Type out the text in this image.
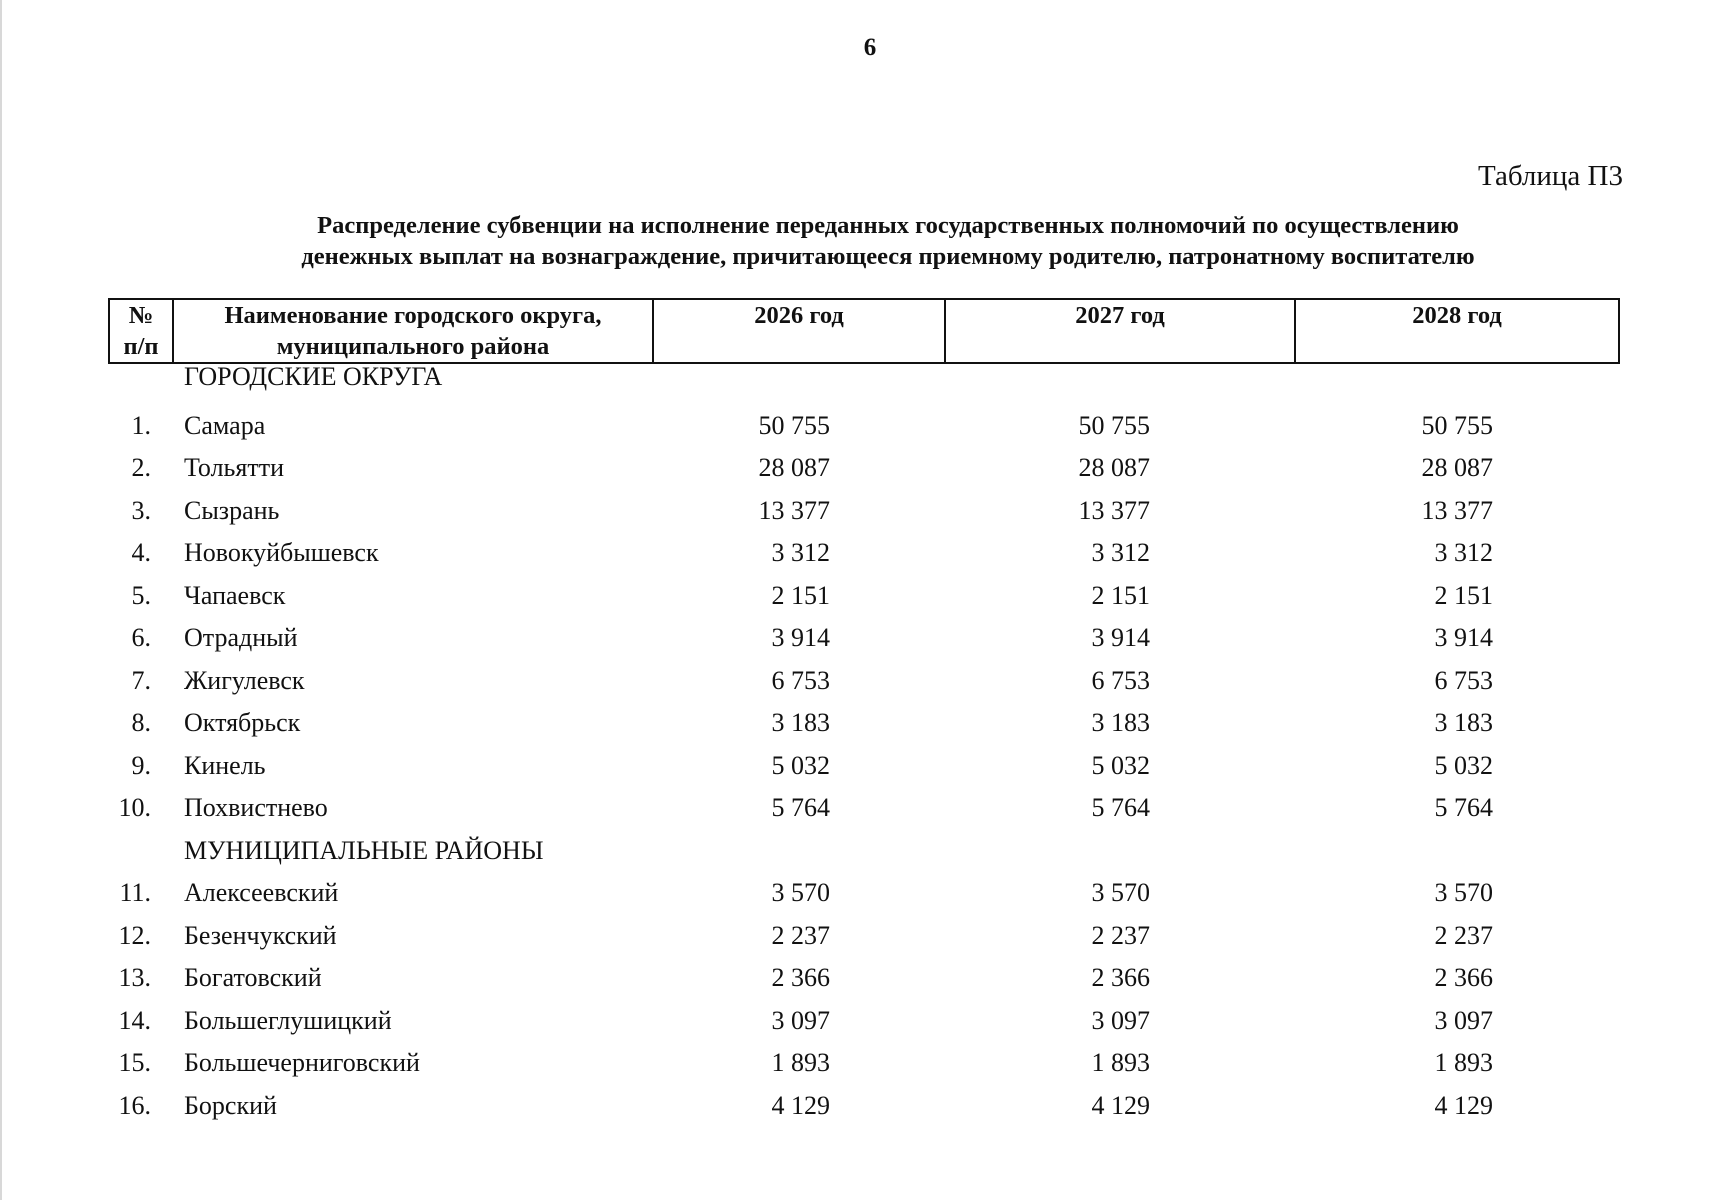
6
Таблица П3
Распределение субвенции на исполнение переданных государственных полномочий по осуществлению
денежных выплат на вознаграждение, причитающееся приемному родителю, патронатному воспитателю
№
п/п
Наименование городского округа,
муниципального района
2026 год	2027 год	2028 год
ГОРОДСКИЕ ОКРУГА
1. Самара	50 755	50 755	50 755
2. Тольятти	28 087	28 087	28 087
3. Сызрань	13 377	13 377	13 377
4. Новокуйбышевск	3 312	3 312	3 312
5. Чапаевск	2 151	2 151	2 151
6. Отрадный	3 914	3 914	3 914
7. Жигулевск	6 753	6 753	6 753
8. Октябрьск	3 183	3 183	3 183
9. Кинель	5 032	5 032	5 032
10. Похвистнево	5 764	5 764	5 764
МУНИЦИПАЛЬНЫЕ РАЙОНЫ
11. Алексеевский	3 570	3 570	3 570
12. Безенчукский	2 237	2 237	2 237
13. Богатовский	2 366	2 366	2 366
14. Большеглушицкий	3 097	3 097	3 097
15. Большечерниговский	1 893	1 893	1 893
16. Борский	4 129	4 129	4 129
